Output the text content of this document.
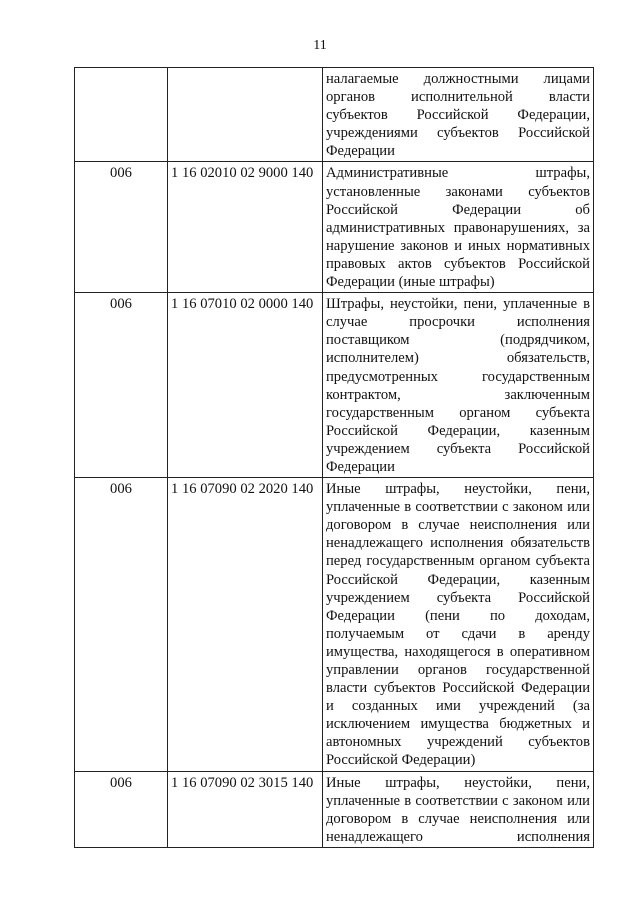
11
		налагаемые должностными лицами органов исполнительной власти субъектов Российской Федерации, учреждениями субъектов Российской Федерации
006	1 16 02010 02 9000 140	Административные штрафы, установленные законами субъектов Российской Федерации об административных правонарушениях, за нарушение законов и иных нормативных правовых актов субъектов Российской Федерации (иные штрафы)
006	1 16 07010 02 0000 140	Штрафы, неустойки, пени, уплаченные в случае просрочки исполнения поставщиком (подрядчиком, исполнителем) обязательств, предусмотренных государственным контрактом, заключенным государственным органом субъекта Российской Федерации, казенным учреждением субъекта Российской Федерации
006	1 16 07090 02 2020 140	Иные штрафы, неустойки, пени, уплаченные в соответствии с законом или договором в случае неисполнения или ненадлежащего исполнения обязательств перед государственным органом субъекта Российской Федерации, казенным учреждением субъекта Российской Федерации (пени по доходам, получаемым от сдачи в аренду имущества, находящегося в оперативном управлении органов государственной власти субъектов Российской Федерации и созданных ими учреждений (за исключением имущества бюджетных и автономных учреждений субъектов Российской Федерации)
006	1 16 07090 02 3015 140	Иные штрафы, неустойки, пени, уплаченные в соответствии с законом или договором в случае неисполнения или ненадлежащего исполнения
